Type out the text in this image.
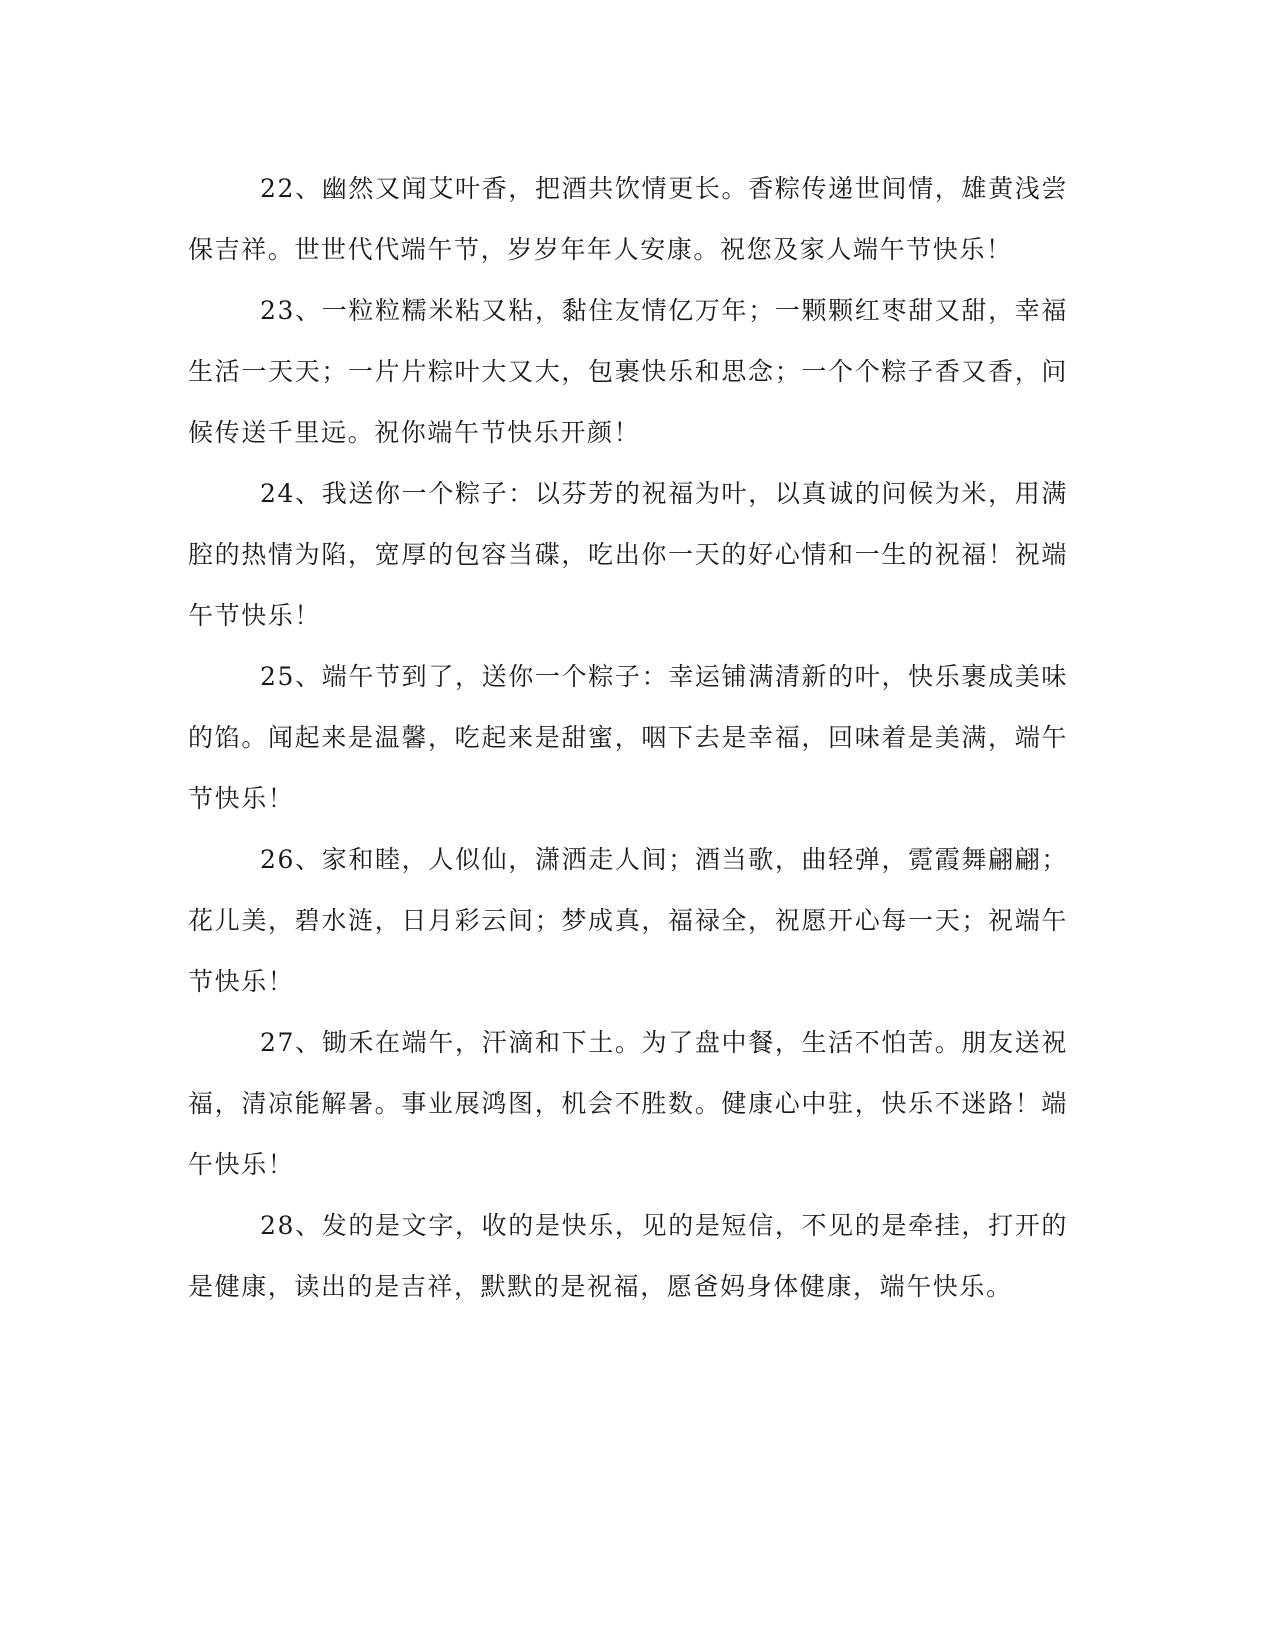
22、幽然又闻艾叶香，把酒共饮情更长。香粽传递世间情，雄黄浅尝保吉祥。世世代代端午节，岁岁年年人安康。祝您及家人端午节快乐！

23、一粒粒糯米粘又粘，黏住友情亿万年；一颗颗红枣甜又甜，幸福生活一天天；一片片粽叶大又大，包裹快乐和思念；一个个粽子香又香，问候传送千里远。祝你端午节快乐开颜！

24、我送你一个粽子：以芬芳的祝福为叶，以真诚的问候为米，用满腔的热情为陷，宽厚的包容当碟，吃出你一天的好心情和一生的祝福！祝端午节快乐！

25、端午节到了，送你一个粽子：幸运铺满清新的叶，快乐裹成美味的馅。闻起来是温馨，吃起来是甜蜜，咽下去是幸福，回味着是美满，端午节快乐！

26、家和睦，人似仙，潇洒走人间；酒当歌，曲轻弹，霓霞舞翩翩；花儿美，碧水涟，日月彩云间；梦成真，福禄全，祝愿开心每一天；祝端午节快乐！

27、锄禾在端午，汗滴和下土。为了盘中餐，生活不怕苦。朋友送祝福，清凉能解暑。事业展鸿图，机会不胜数。健康心中驻，快乐不迷路！端午快乐！

28、发的是文字，收的是快乐，见的是短信，不见的是牵挂，打开的是健康，读出的是吉祥，默默的是祝福，愿爸妈身体健康，端午快乐。
